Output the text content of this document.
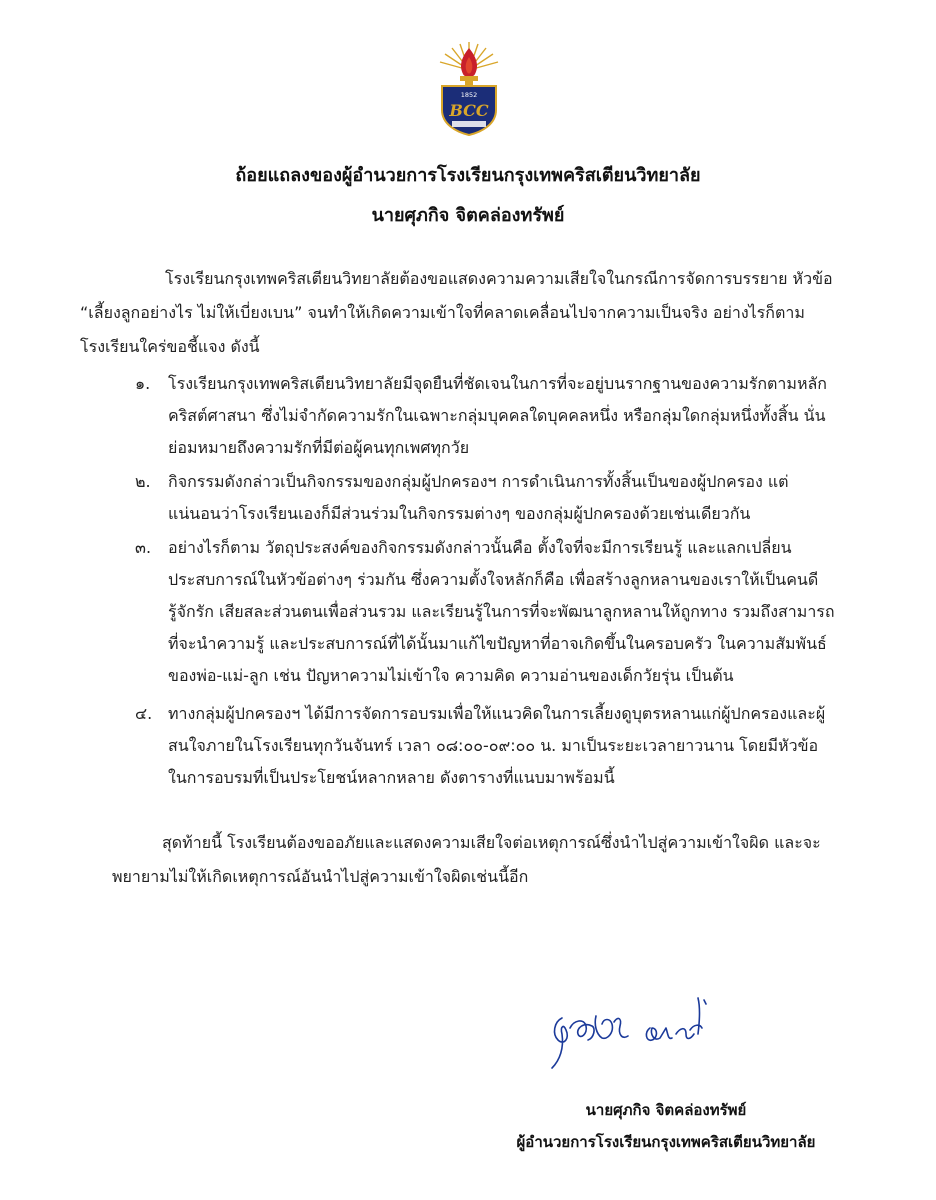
1852
BCC
ถ้อยแถลงของผู้อำนวยการโรงเรียนกรุงเทพคริสเตียนวิทยาลัย
นายศุภกิจ จิตคล่องทรัพย์
โรงเรียนกรุงเทพคริสเตียนวิทยาลัยต้องขอแสดงความความเสียใจในกรณีการจัดการบรรยาย หัวข้อ “เลี้ยงลูกอย่างไร ไม่ให้เบี่ยงเบน” จนทำให้เกิดความเข้าใจที่คลาดเคลื่อนไปจากความเป็นจริง อย่างไรก็ตาม โรงเรียนใคร่ขอชี้แจง ดังนี้
๑.	โรงเรียนกรุงเทพคริสเตียนวิทยาลัยมีจุดยืนที่ชัดเจนในการที่จะอยู่บนรากฐานของความรักตามหลักคริสต์ศาสนา ซึ่งไม่จำกัดความรักในเฉพาะกลุ่มบุคคลใดบุคคลหนึ่ง หรือกลุ่มใดกลุ่มหนึ่งทั้งสิ้น นั่นย่อมหมายถึงความรักที่มีต่อผู้คนทุกเพศทุกวัย
๒.	กิจกรรมดังกล่าวเป็นกิจกรรมของกลุ่มผู้ปกครองฯ การดำเนินการทั้งสิ้นเป็นของผู้ปกครอง แต่แน่นอนว่าโรงเรียนเองก็มีส่วนร่วมในกิจกรรมต่างๆ ของกลุ่มผู้ปกครองด้วยเช่นเดียวกัน
๓.	อย่างไรก็ตาม วัตถุประสงค์ของกิจกรรมดังกล่าวนั้นคือ ตั้งใจที่จะมีการเรียนรู้ และแลกเปลี่ยนประสบการณ์ในหัวข้อต่างๆ ร่วมกัน ซึ่งความตั้งใจหลักก็คือ เพื่อสร้างลูกหลานของเราให้เป็นคนดี รู้จักรัก เสียสละส่วนตนเพื่อส่วนรวม และเรียนรู้ในการที่จะพัฒนาลูกหลานให้ถูกทาง รวมถึงสามารถที่จะนำความรู้ และประสบการณ์ที่ได้นั้นมาแก้ไขปัญหาที่อาจเกิดขึ้นในครอบครัว ในความสัมพันธ์ของพ่อ-แม่-ลูก เช่น ปัญหาความไม่เข้าใจ ความคิด ความอ่านของเด็กวัยรุ่น เป็นต้น
๔. ทางกลุ่มผู้ปกครองฯ ได้มีการจัดการอบรมเพื่อให้แนวคิดในการเลี้ยงดูบุตรหลานแก่ผู้ปกครองและผู้สนใจภายในโรงเรียนทุกวันจันทร์ เวลา ๐๘:๐๐-๐๙:๐๐ น. มาเป็นระยะเวลายาวนาน โดยมีหัวข้อในการอบรมที่เป็นประโยชน์หลากหลาย ดังตารางที่แนบมาพร้อมนี้
สุดท้ายนี้ โรงเรียนต้องขออภัยและแสดงความเสียใจต่อเหตุการณ์ซึ่งนำไปสู่ความเข้าใจผิด และจะพยายามไม่ให้เกิดเหตุการณ์อันนำไปสู่ความเข้าใจผิดเช่นนี้อีก
นายศุภกิจ จิตคล่องทรัพย์
ผู้อำนวยการโรงเรียนกรุงเทพคริสเตียนวิทยาลัย
